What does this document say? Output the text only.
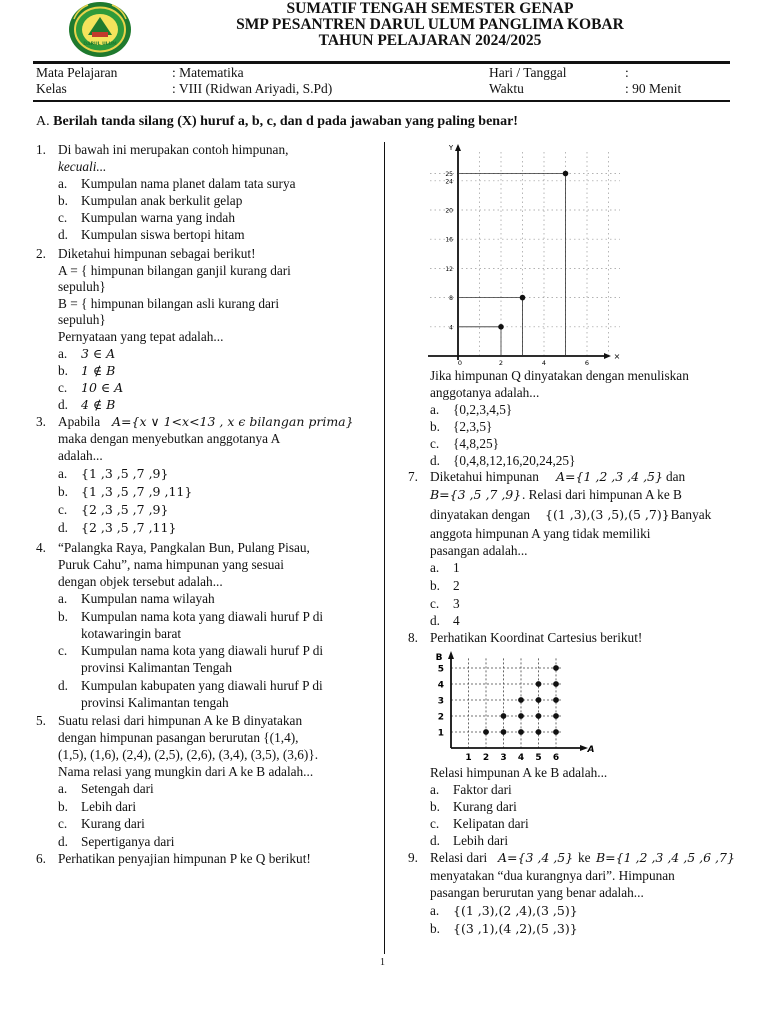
DARUL ULUM
SUMATIF TENGAH SEMESTER GENAP
SMP PESANTREN DARUL ULUM PANGLIMA KOBAR
TAHUN PELAJARAN 2024/2025
Mata Pelajaran	: Matematika	Hari / Tanggal	:
Kelas	: VIII (Ridwan Ariyadi, S.Pd)	Waktu	: 90 Menit
A. Berilah tanda silang (X) huruf a, b, c, dan d pada jawaban yang paling benar!
1. Di bawah ini merupakan contoh himpunan,
kecuali...
a. Kumpulan nama planet dalam tata surya
b. Kumpulan anak berkulit gelap
c. Kumpulan warna yang indah
d. Kumpulan siswa bertopi hitam
2. Diketahui himpunan sebagai berikut!
A = { himpunan bilangan ganjil kurang dari
sepuluh}
B = { himpunan bilangan asli kurang dari
sepuluh}
Pernyataan yang tepat adalah...
a. 3 ∈ A
b. 1 ∉ B
c. 10 ∈ A
d. 4 ∉ B
3. Apabila A={x ∨ 1<x<13 , x ϵ bilangan prima}
maka dengan menyebutkan anggotanya A
adalah...
a. {1 ,3 ,5 ,7 ,9}
b. {1 ,3 ,5 ,7 ,9 ,11}
c. {2 ,3 ,5 ,7 ,9}
d. {2 ,3 ,5 ,7 ,11}
4. “Palangka Raya, Pangkalan Bun, Pulang Pisau,
Puruk Cahu”, nama himpunan yang sesuai
dengan objek tersebut adalah...
a. Kumpulan nama wilayah
b. Kumpulan nama kota yang diawali huruf P di
kotawaringin barat
c. Kumpulan nama kota yang diawali huruf P di
provinsi Kalimantan Tengah
d. Kumpulan kabupaten yang diawali huruf P di
provinsi Kalimantan tengah
5. Suatu relasi dari himpunan A ke B dinyatakan
dengan himpunan pasangan berurutan {(1,4),
(1,5), (1,6), (2,4), (2,5), (2,6), (3,4), (3,5), (3,6)}.
Nama relasi yang mungkin dari A ke B adalah...
a. Setengah dari
b. Lebih dari
c. Kurang dari
d. Sepertiganya dari
6. Perhatikan penyajian himpunan P ke Q berikut!
Y
×
0	2	4	6
4
8
12
16
20
24
25
Jika himpunan Q dinyatakan dengan menuliskan
anggotanya adalah...
a. {0,2,3,4,5}
b. {2,3,5}
c. {4,8,25}
d. {0,4,8,12,16,20,24,25}
7. Diketahui himpunan A={1 ,2 ,3 ,4 ,5} dan
B={3 ,5 ,7 ,9} . Relasi dari himpunan A ke B
dinyatakan dengan {(1 ,3),(3 ,5),(5 ,7)}
. Banyak
anggota himpunan A yang tidak memiliki
pasangan adalah...
a. 1
b. 2
c. 3
d. 4
8. Perhatikan Koordinat Cartesius berikut!
B
A
1 2 3 4 5 6
1
2
3
4
5
Relasi himpunan A ke B adalah...
a. Faktor dari
b. Kurang dari
c. Kelipatan dari
d. Lebih dari
9. Relasi dari A={3 ,4 ,5} ke B={1 ,2 ,3 ,4 ,5 ,6 ,7}
menyatakan “dua kurangnya dari”. Himpunan
pasangan berurutan yang benar adalah...
a. {(1 ,3),(2 ,4),(3 ,5)}
b. {(3 ,1),(4 ,2),(5 ,3)}
1
